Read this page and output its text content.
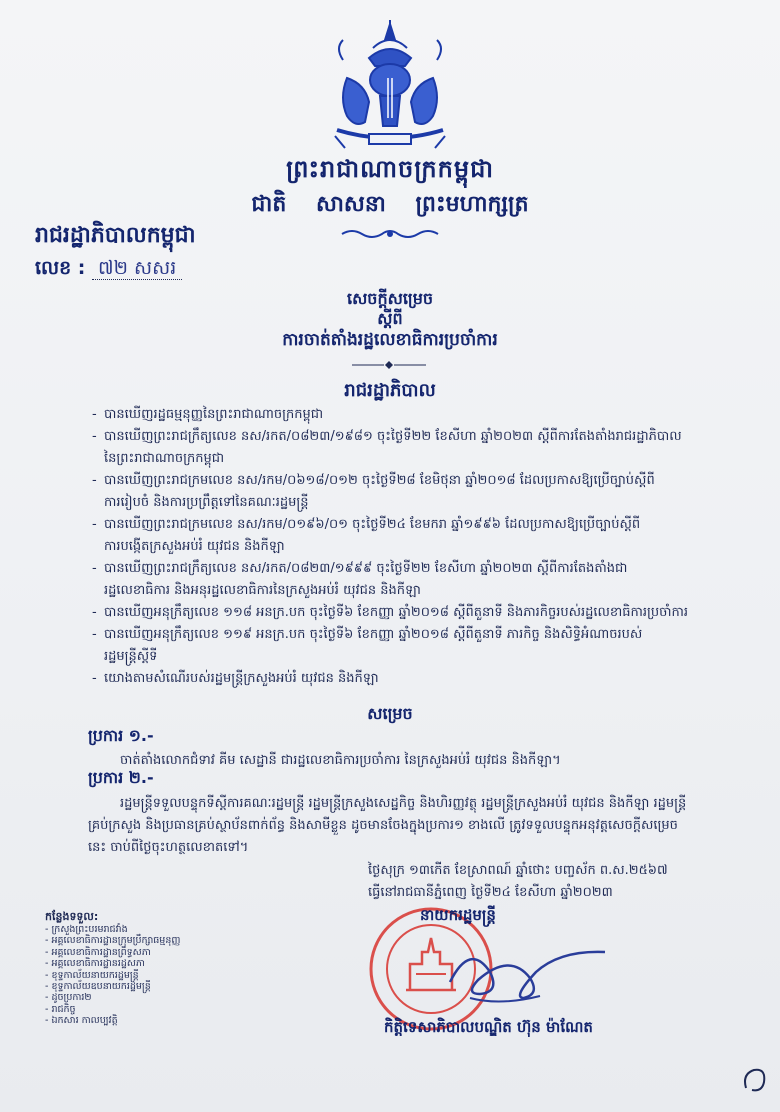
ព្រះរាជាណាចក្រកម្ពុជា
ជាតិ សាសនា ព្រះមហាក្សត្រ
រាជរដ្ឋាភិបាលកម្ពុជា
លេខ : ៧២ សសរ
សេចក្ដីសម្រេច
ស្ដីពី
ការចាត់តាំងរដ្ឋលេខាធិការប្រចាំការ
រាជរដ្ឋាភិបាល

- បានឃើញរដ្ឋធម្មនុញ្ញនៃព្រះរាជាណាចក្រកម្ពុជា

- បានឃើញព្រះរាជក្រឹត្យលេខ នស/រកត/០៨២៣/១៩៨១ ចុះថ្ងៃទី២២ ខែសីហា ឆ្នាំ២០២៣ ស្ដីពីការតែងតាំងរាជរដ្ឋាភិបាល
នៃព្រះរាជាណាចក្រកម្ពុជា

- បានឃើញព្រះរាជក្រមលេខ នស/រកម/០៦១៨/០១២ ចុះថ្ងៃទី២៨ ខែមិថុនា ឆ្នាំ២០១៨ ដែលប្រកាសឱ្យប្រើច្បាប់ស្ដីពី
ការរៀបចំ និងការប្រព្រឹត្តទៅនៃគណៈរដ្ឋមន្ត្រី

- បានឃើញព្រះរាជក្រមលេខ នស/រកម/០១៩៦/០១ ចុះថ្ងៃទី២៤ ខែមករា ឆ្នាំ១៩៩៦ ដែលប្រកាសឱ្យប្រើច្បាប់ស្ដីពី
ការបង្កើតក្រសួងអប់រំ យុវជន និងកីឡា

- បានឃើញព្រះរាជក្រឹត្យលេខ នស/រកត/០៨២៣/១៩៩៩ ចុះថ្ងៃទី២២ ខែសីហា ឆ្នាំ២០២៣ ស្ដីពីការតែងតាំងជា
រដ្ឋលេខាធិការ និងអនុរដ្ឋលេខាធិការនៃក្រសួងអប់រំ យុវជន និងកីឡា

- បានឃើញអនុក្រឹត្យលេខ ១១៨ អនក្រ.បក ចុះថ្ងៃទី៦ ខែកញ្ញា ឆ្នាំ២០១៨ ស្ដីពីតួនាទី និងភារកិច្ចរបស់រដ្ឋលេខាធិការប្រចាំការ

- បានឃើញអនុក្រឹត្យលេខ ១១៩ អនក្រ.បក ចុះថ្ងៃទី៦ ខែកញ្ញា ឆ្នាំ២០១៨ ស្ដីពីតួនាទី ភារកិច្ច និងសិទ្ធិអំណាចរបស់
រដ្ឋមន្ត្រីស្ដីទី

- យោងតាមសំណើរបស់រដ្ឋមន្ត្រីក្រសួងអប់រំ យុវជន និងកីឡា

សម្រេច
ប្រការ ១.-
ចាត់តាំងលោកជំទាវ គីម សេដ្ឋានី ជារដ្ឋលេខាធិការប្រចាំការ នៃក្រសួងអប់រំ យុវជន និងកីឡា។
ប្រការ ២.-
រដ្ឋមន្ត្រីទទួលបន្ទុកទីស្ដីការគណៈរដ្ឋមន្ត្រី រដ្ឋមន្ត្រីក្រសួងសេដ្ឋកិច្ច និងហិរញ្ញវត្ថុ រដ្ឋមន្ត្រីក្រសួងអប់រំ យុវជន និងកីឡា រដ្ឋមន្ត្រីគ្រប់ក្រសួង និងប្រធានគ្រប់ស្ថាប័នពាក់ព័ន្ធ និងសាមីខ្លួន ដូចមានចែងក្នុងប្រការ១ ខាងលើ ត្រូវទទួលបន្ទុកអនុវត្តសេចក្ដីសម្រេចនេះ ចាប់ពីថ្ងៃចុះហត្ថលេខាតទៅ។
ថ្ងៃសុក្រ ១៣កើត ខែស្រាពណ៍ ឆ្នាំថោះ បញ្ចស័ក ព.ស.២៥៦៧
ធ្វើនៅរាជធានីភ្នំពេញ ថ្ងៃទី២៤ ខែសីហា ឆ្នាំ២០២៣
នាយករដ្ឋមន្ត្រី
កិត្តិទេសាភិបាលបណ្ឌិត ហ៊ុន ម៉ាណែត
កន្លែងទទួល:
- ក្រសួងព្រះបរមរាជវាំង
- អគ្គលេខាធិការដ្ឋានក្រុមប្រឹក្សាធម្មនុញ្ញ
- អគ្គលេខាធិការដ្ឋានព្រឹទ្ធសភា
- អគ្គលេខាធិការដ្ឋានរដ្ឋសភា
- ខុទ្ទកាល័យនាយករដ្ឋមន្ត្រី
- ខុទ្ទកាល័យឧបនាយករដ្ឋមន្ត្រី
- ដូចប្រការ២
- រាជកិច្ច
- ឯកសារ កាលប្បវត្តិ
